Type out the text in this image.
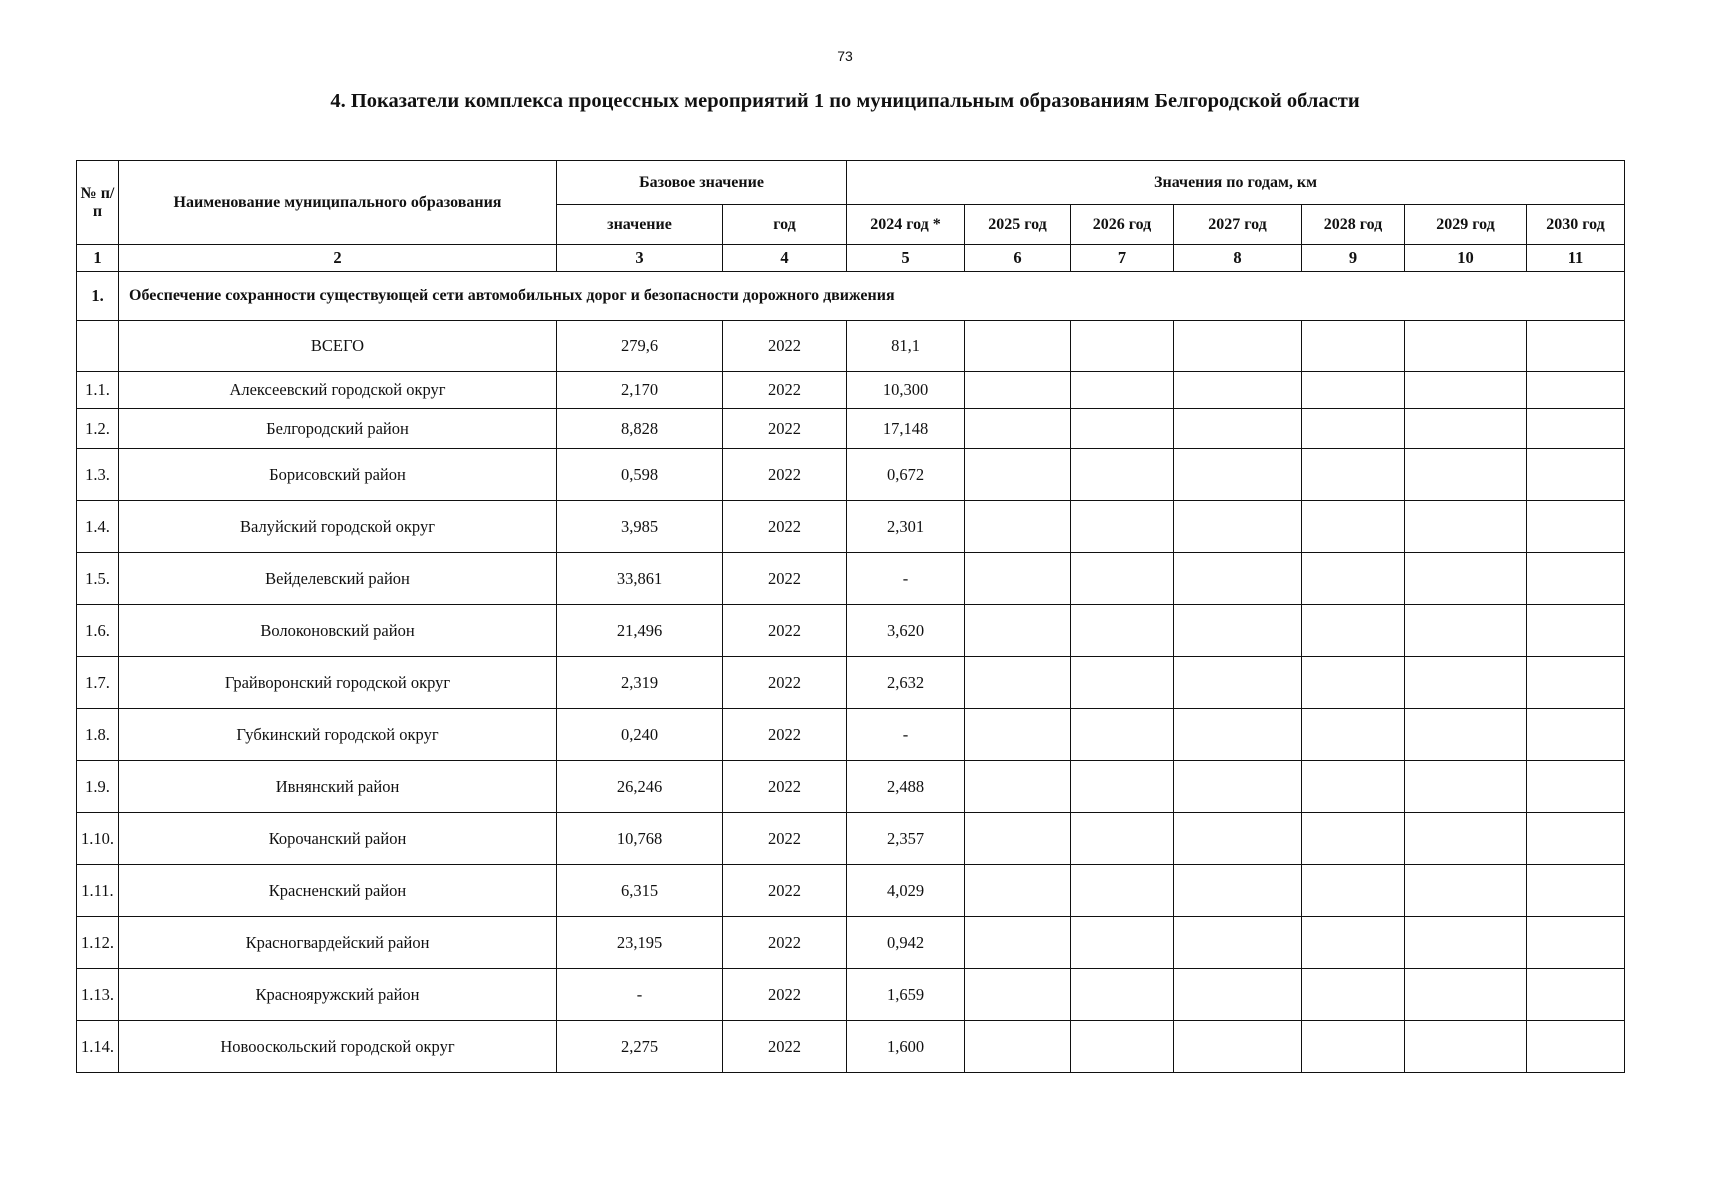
73
4. Показатели комплекса процессных мероприятий 1 по муниципальным образованиям Белгородской области
№ п/п	Наименование муниципального образования	Базовое значение		Значения по годам, км						
		значение	год	2024 год *	2025 год	2026 год	2027 год	2028 год	2029 год	2030 год
1	2	3	4	5	6	7	8	9	10	11
1.	Обеспечение сохранности существующей сети автомобильных дорог и безопасности дорожного движения									
	ВСЕГО	279,6	2022	81,1						
1.1.	Алексеевский городской округ	2,170	2022	10,300						
1.2.	Белгородский район	8,828	2022	17,148						
1.3.	Борисовский район	0,598	2022	0,672						
1.4.	Валуйский городской округ	3,985	2022	2,301						
1.5.	Вейделевский район	33,861	2022	-						
1.6.	Волоконовский район	21,496	2022	3,620						
1.7.	Грайворонский городской округ	2,319	2022	2,632						
1.8.	Губкинский городской округ	0,240	2022	-						
1.9.	Ивнянский район	26,246	2022	2,488						
1.10.	Корочанский район	10,768	2022	2,357						
1.11.	Красненский район	6,315	2022	4,029						
1.12.	Красногвардейский район	23,195	2022	0,942						
1.13.	Краснояружский район	-	2022	1,659						
1.14.	Новооскольский городской округ	2,275	2022	1,600						
